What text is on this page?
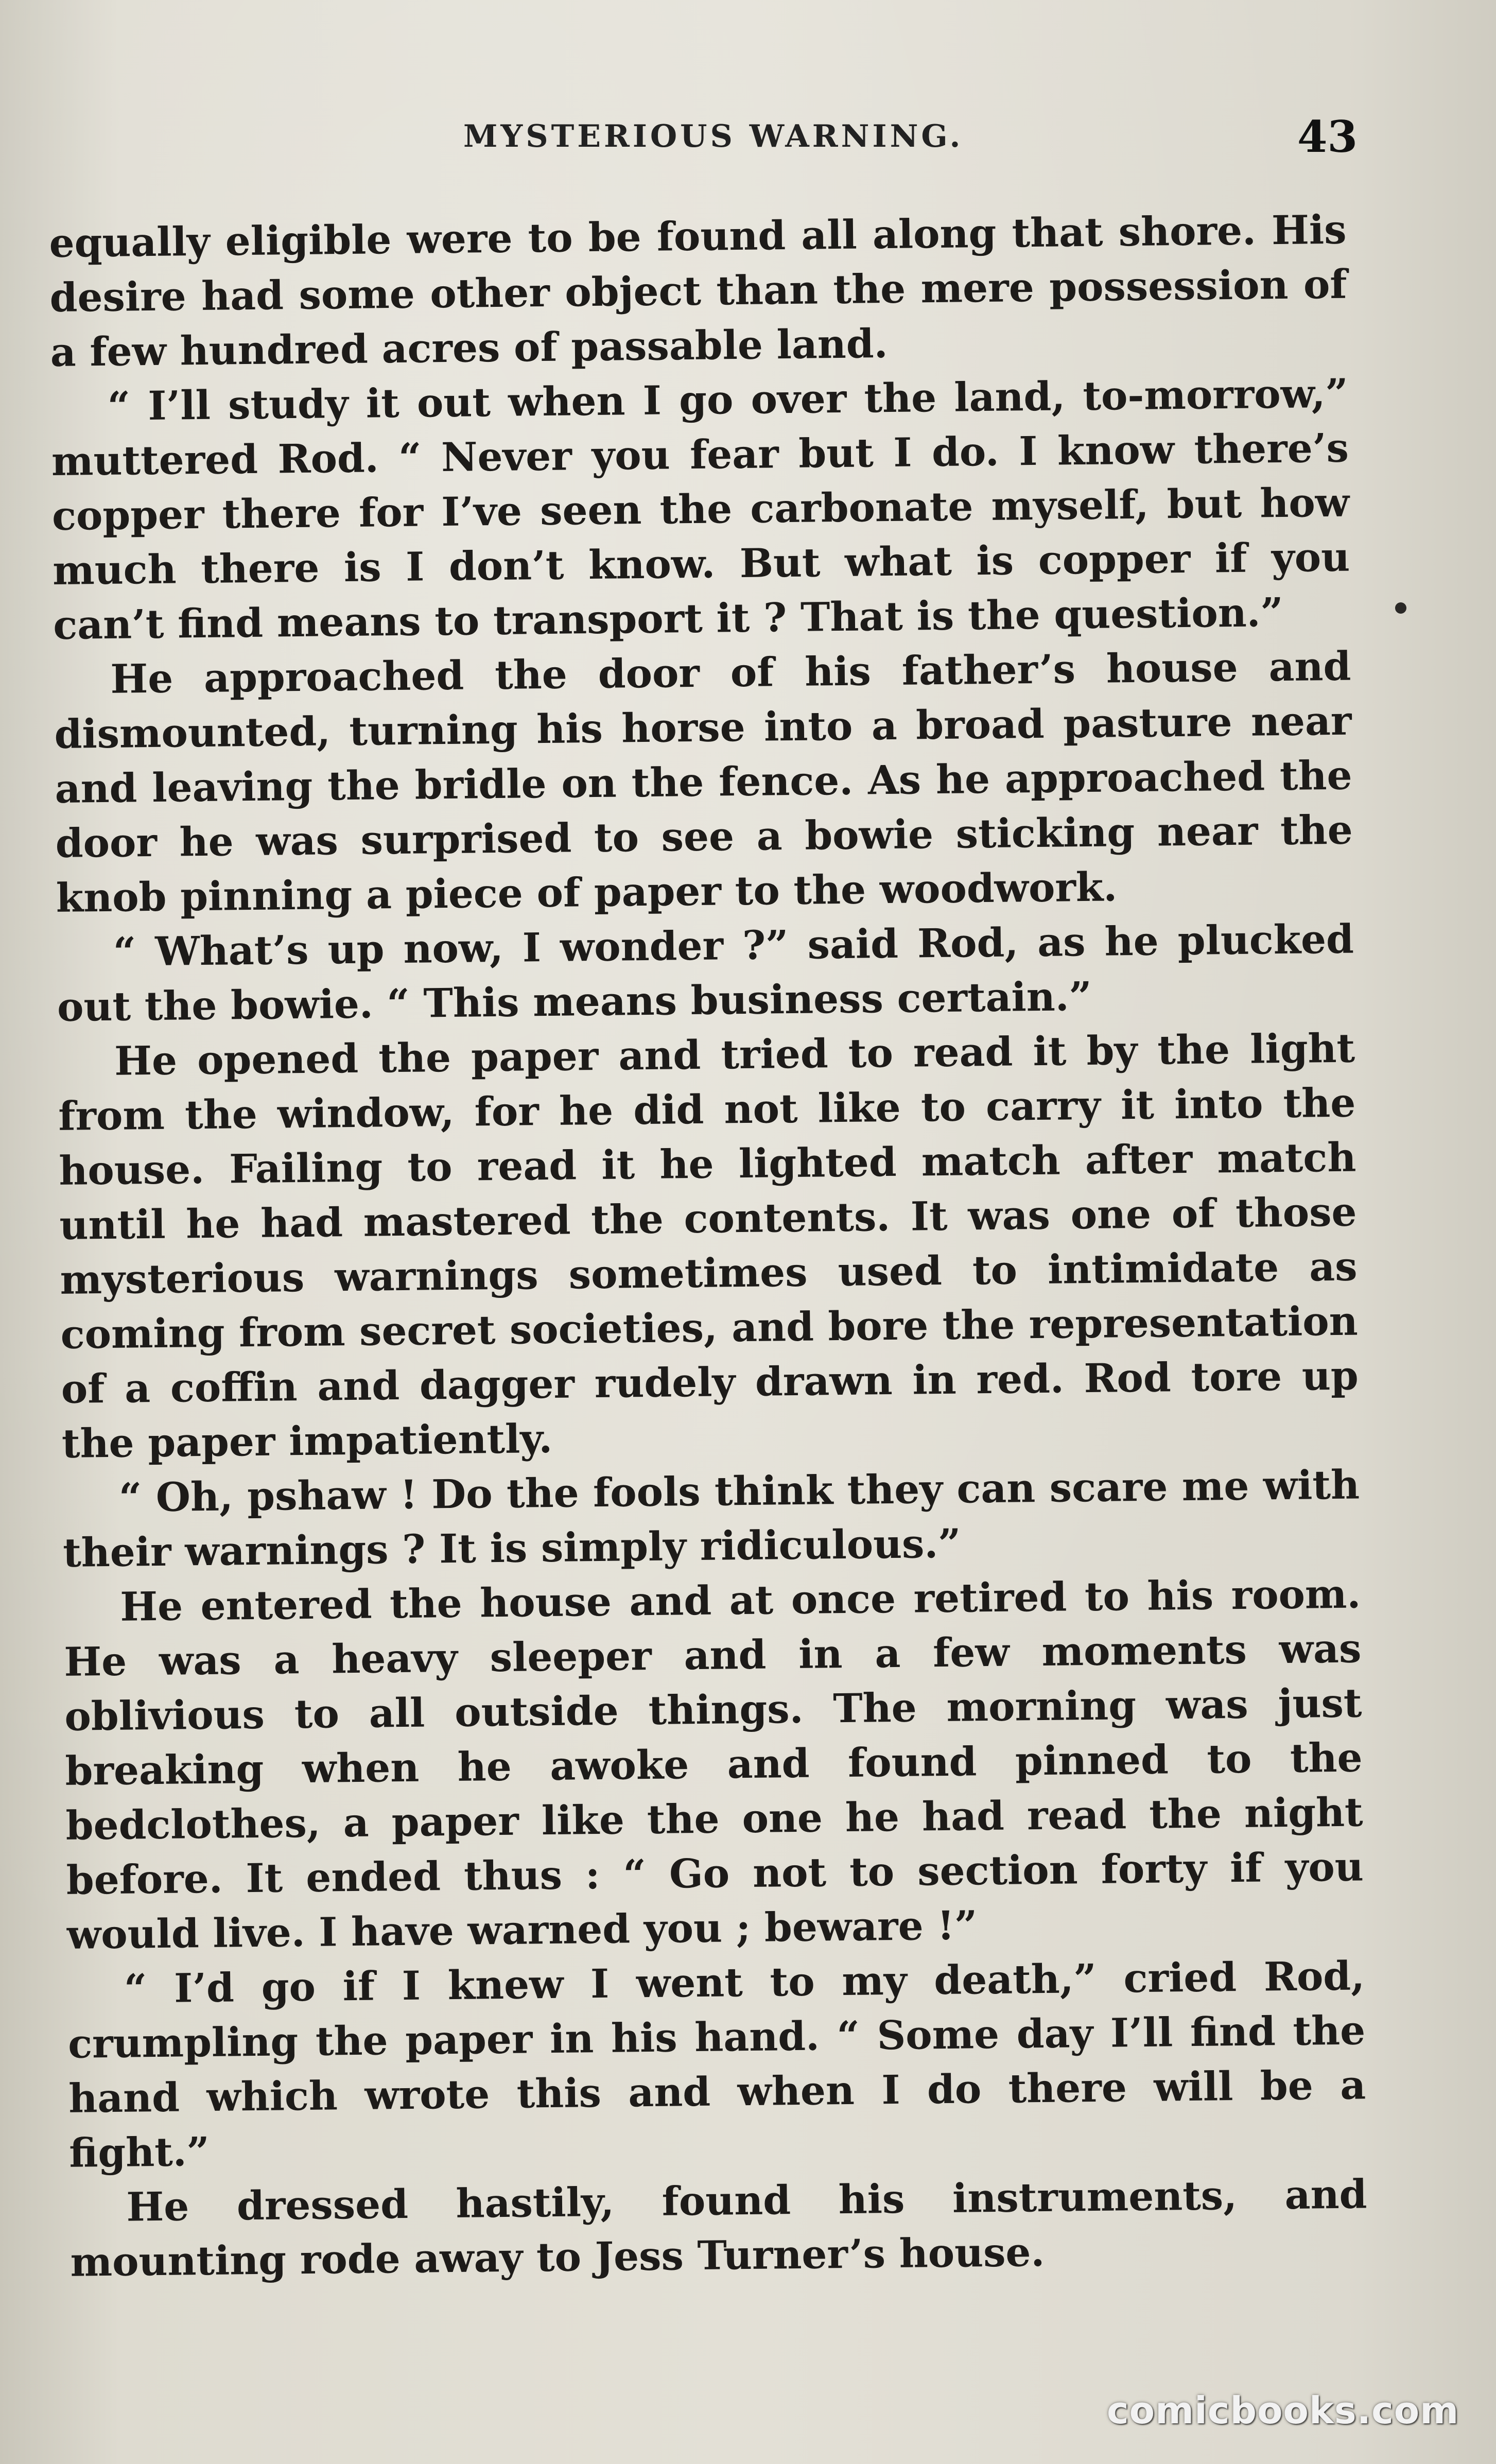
MYSTERIOUS WARNING.	43

equally eligible were to be found all along that shore. His desire had some other object than the mere possession of a few hundred acres of passable land.

“ I’ll study it out when I go over the land, to-morrow,” muttered Rod. “ Never you fear but I do. I know there’s copper there for I’ve seen the carbonate myself, but how much there is I don’t know. But what is copper if you can’t find means to transport it ? That is the question.”

He approached the door of his father’s house and dismounted, turning his horse into a broad pasture near and leaving the bridle on the fence. As he approached the door he was surprised to see a bowie sticking near the knob pinning a piece of paper to the woodwork.

“ What’s up now, I wonder ?” said Rod, as he plucked out the bowie. “ This means business certain.”

He opened the paper and tried to read it by the light from the window, for he did not like to carry it into the house. Failing to read it he lighted match after match until he had mastered the contents. It was one of those mysterious warnings sometimes used to intimidate as coming from secret societies, and bore the representation of a coffin and dagger rudely drawn in red. Rod tore up the paper impatiently.

“ Oh, pshaw ! Do the fools think they can scare me with their warnings ? It is simply ridiculous.”

He entered the house and at once retired to his room. He was a heavy sleeper and in a few moments was oblivious to all outside things. The morning was just breaking when he awoke and found pinned to the bedclothes, a paper like the one he had read the night before. It ended thus : “ Go not to section forty if you would live. I have warned you ; beware !”

“ I’d go if I knew I went to my death,” cried Rod, crumpling the paper in his hand. “ Some day I’ll find the hand which wrote this and when I do there will be a fight.”

He dressed hastily, found his instruments, and mounting rode away to Jess Turner’s house.

comicbooks.com
